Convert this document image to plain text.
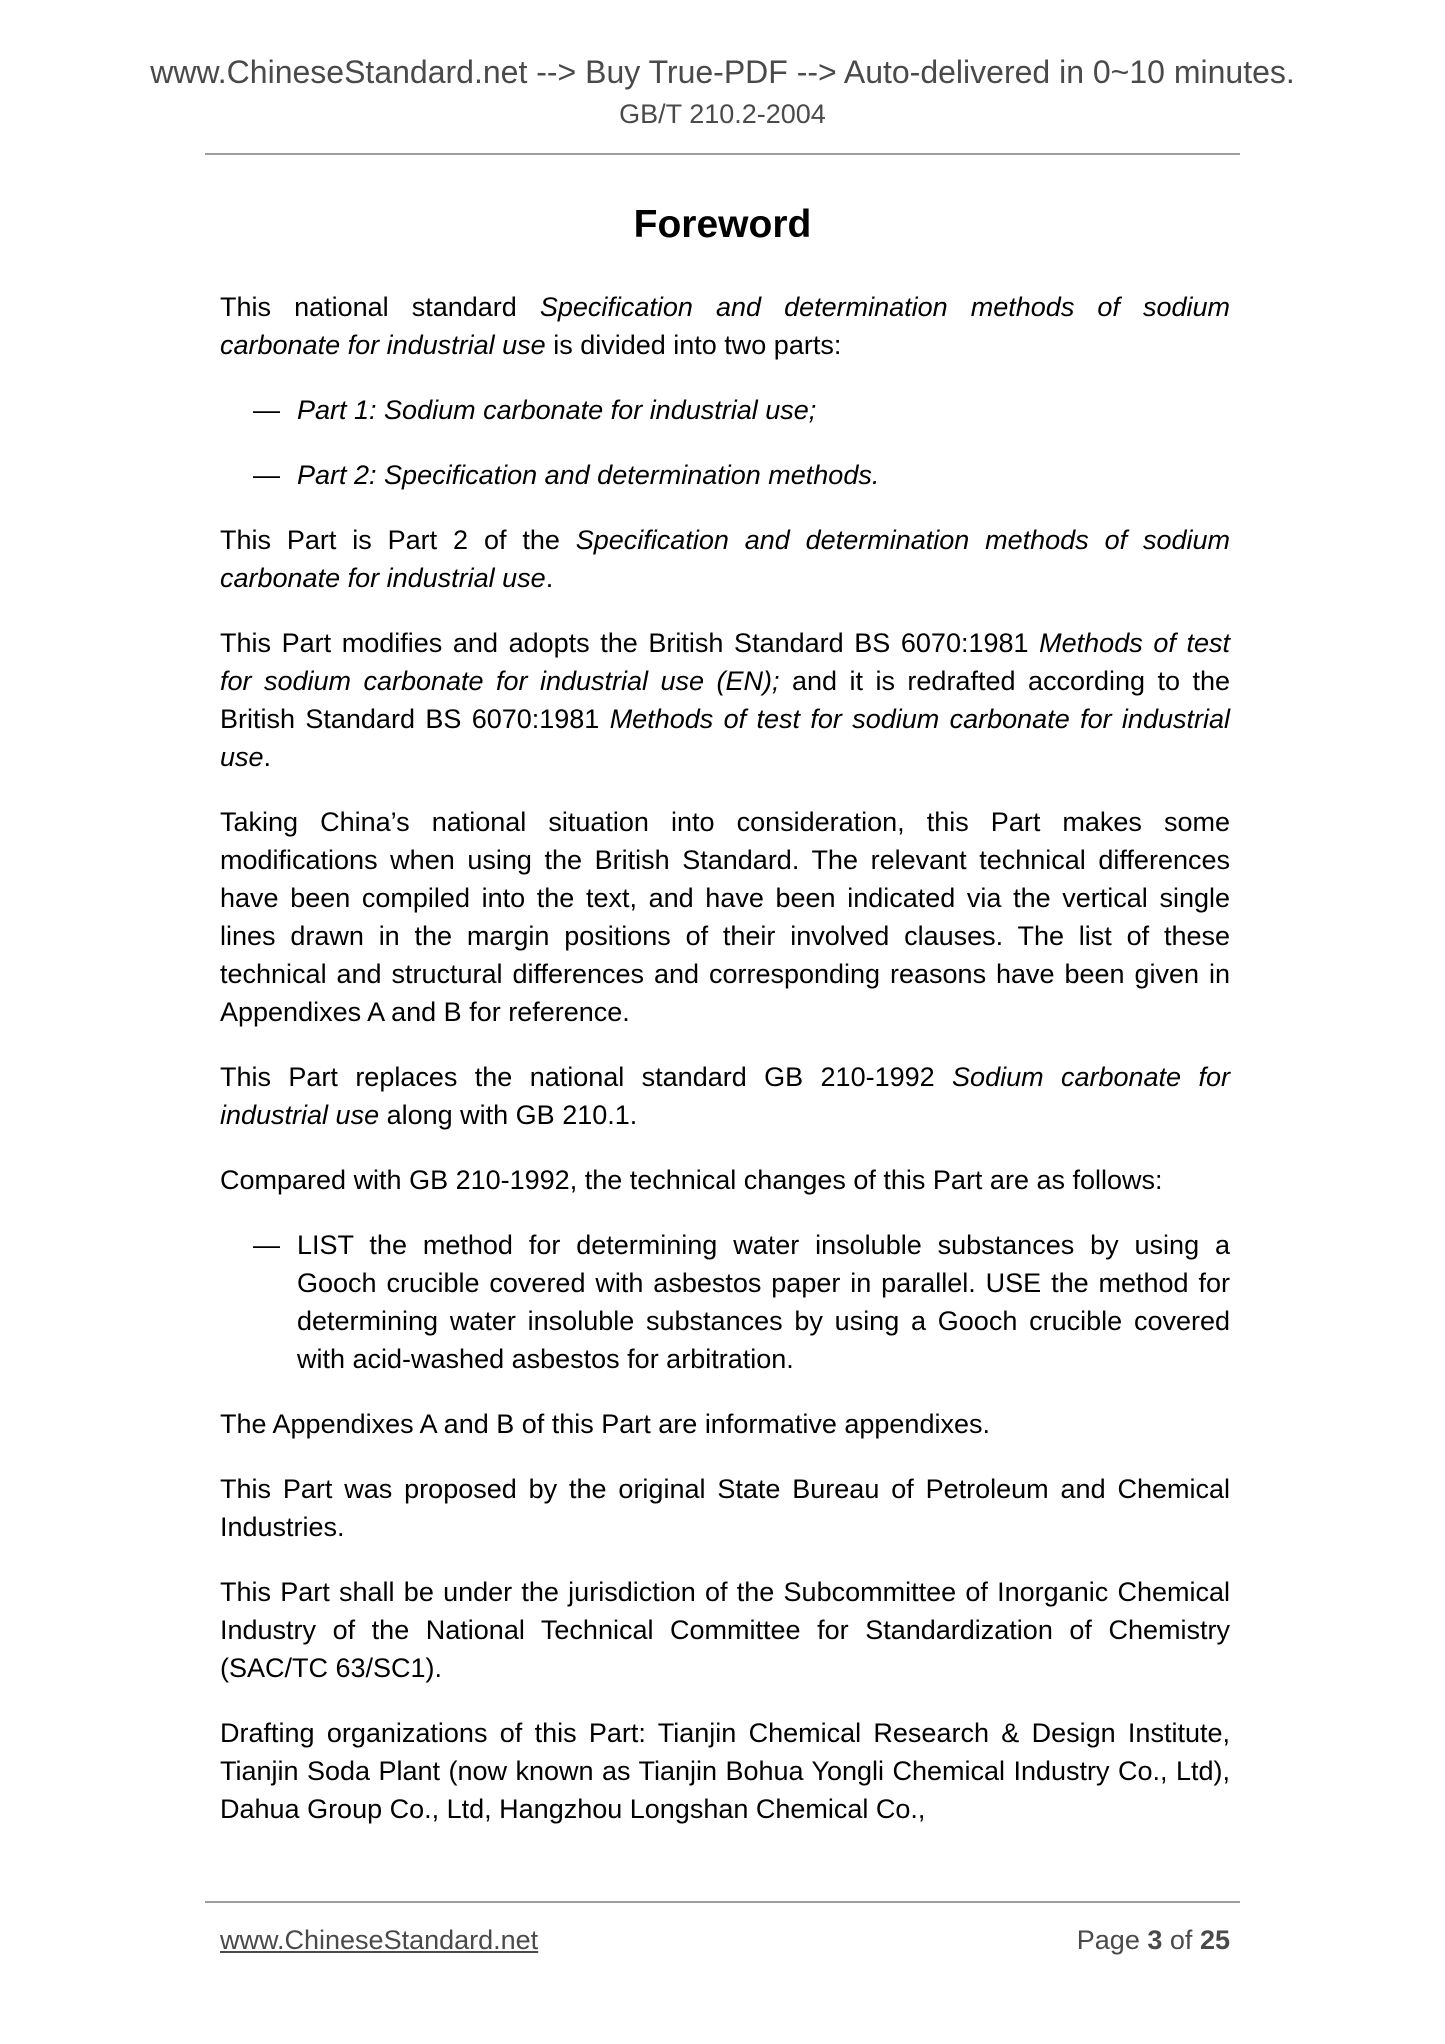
www.ChineseStandard.net --> Buy True-PDF --> Auto-delivered in 0~10 minutes.
GB/T 210.2-2004
Foreword

This national standard Specification and determination methods of sodium carbonate for industrial use is divided into two parts:

— Part 1: Sodium carbonate for industrial use;

— Part 2: Specification and determination methods.

This Part is Part 2 of the Specification and determination methods of sodium carbonate for industrial use.

This Part modifies and adopts the British Standard BS 6070:1981 Methods of test for sodium carbonate for industrial use (EN); and it is redrafted according to the British Standard BS 6070:1981 Methods of test for sodium carbonate for industrial use.

Taking China’s national situation into consideration, this Part makes some modifications when using the British Standard. The relevant technical differences have been compiled into the text, and have been indicated via the vertical single lines drawn in the margin positions of their involved clauses. The list of these technical and structural differences and corresponding reasons have been given in Appendixes A and B for reference.

This Part replaces the national standard GB 210-1992 Sodium carbonate for industrial use along with GB 210.1.

Compared with GB 210-1992, the technical changes of this Part are as follows:

— LIST the method for determining water insoluble substances by using a Gooch crucible covered with asbestos paper in parallel. USE the method for determining water insoluble substances by using a Gooch crucible covered with acid-washed asbestos for arbitration.

The Appendixes A and B of this Part are informative appendixes.

This Part was proposed by the original State Bureau of Petroleum and Chemical Industries.

This Part shall be under the jurisdiction of the Subcommittee of Inorganic Chemical Industry of the National Technical Committee for Standardization of Chemistry (SAC/TC 63/SC1).

Drafting organizations of this Part: Tianjin Chemical Research & Design Institute, Tianjin Soda Plant (now known as Tianjin Bohua Yongli Chemical Industry Co., Ltd), Dahua Group Co., Ltd, Hangzhou Longshan Chemical Co.,

www.ChineseStandard.net	Page 3 of 25
